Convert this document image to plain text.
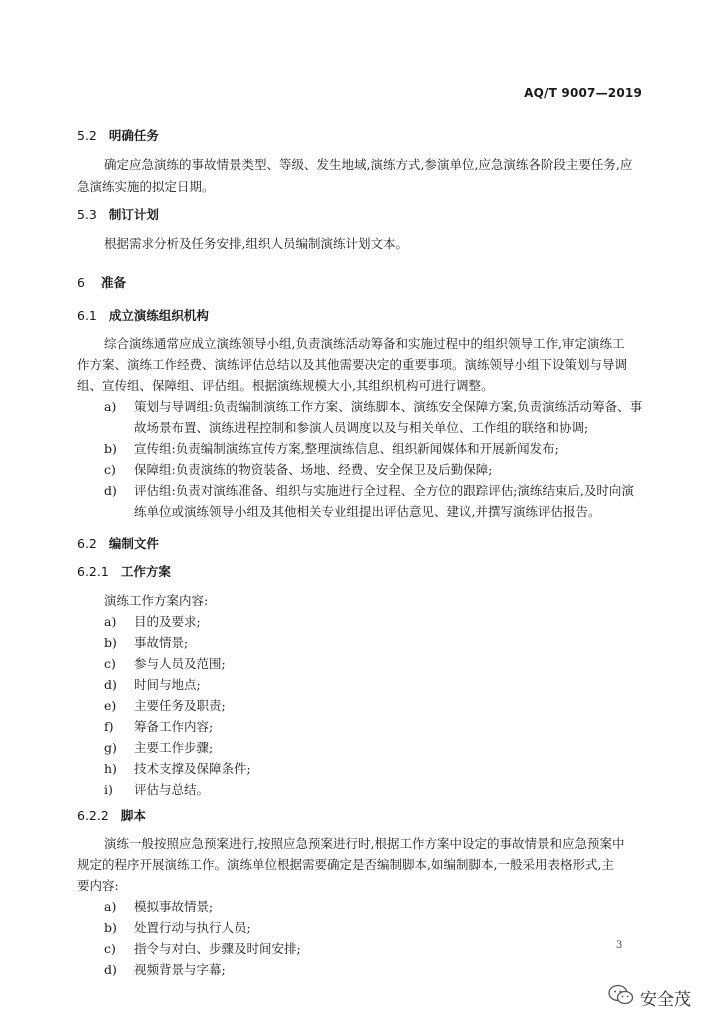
AQ/T 9007—2019
5.2 明确任务
确定应急演练的事故情景类型、等级、发生地域,演练方式,参演单位,应急演练各阶段主要任务,应
急演练实施的拟定日期。
5.3 制订计划
根据需求分析及任务安排,组织人员编制演练计划文本。
6 准备
6.1 成立演练组织机构
综合演练通常应成立演练领导小组,负责演练活动筹备和实施过程中的组织领导工作,审定演练工
作方案、演练工作经费、演练评估总结以及其他需要决定的重要事项。演练领导小组下设策划与导调
组、宣传组、保障组、评估组。根据演练规模大小,其组织机构可进行调整。
a) 策划与导调组:负责编制演练工作方案、演练脚本、演练安全保障方案,负责演练活动筹备、事
故场景布置、演练进程控制和参演人员调度以及与相关单位、工作组的联络和协调;
b) 宣传组:负责编制演练宣传方案,整理演练信息、组织新闻媒体和开展新闻发布;
c) 保障组:负责演练的物资装备、场地、经费、安全保卫及后勤保障;
d) 评估组:负责对演练准备、组织与实施进行全过程、全方位的跟踪评估;演练结束后,及时向演
练单位或演练领导小组及其他相关专业组提出评估意见、建议,并撰写演练评估报告。
6.2 编制文件
6.2.1 工作方案
演练工作方案内容:
a) 目的及要求;
b) 事故情景;
c) 参与人员及范围;
d) 时间与地点;
e) 主要任务及职责;
f) 筹备工作内容;
g) 主要工作步骤;
h) 技术支撑及保障条件;
i) 评估与总结。
6.2.2 脚本
演练一般按照应急预案进行,按照应急预案进行时,根据工作方案中设定的事故情景和应急预案中
规定的程序开展演练工作。演练单位根据需要确定是否编制脚本,如编制脚本,一般采用表格形式,主
要内容:
a) 模拟事故情景;
b) 处置行动与执行人员;
c) 指令与对白、步骤及时间安排;
d) 视频背景与字幕;
3
安全茂
